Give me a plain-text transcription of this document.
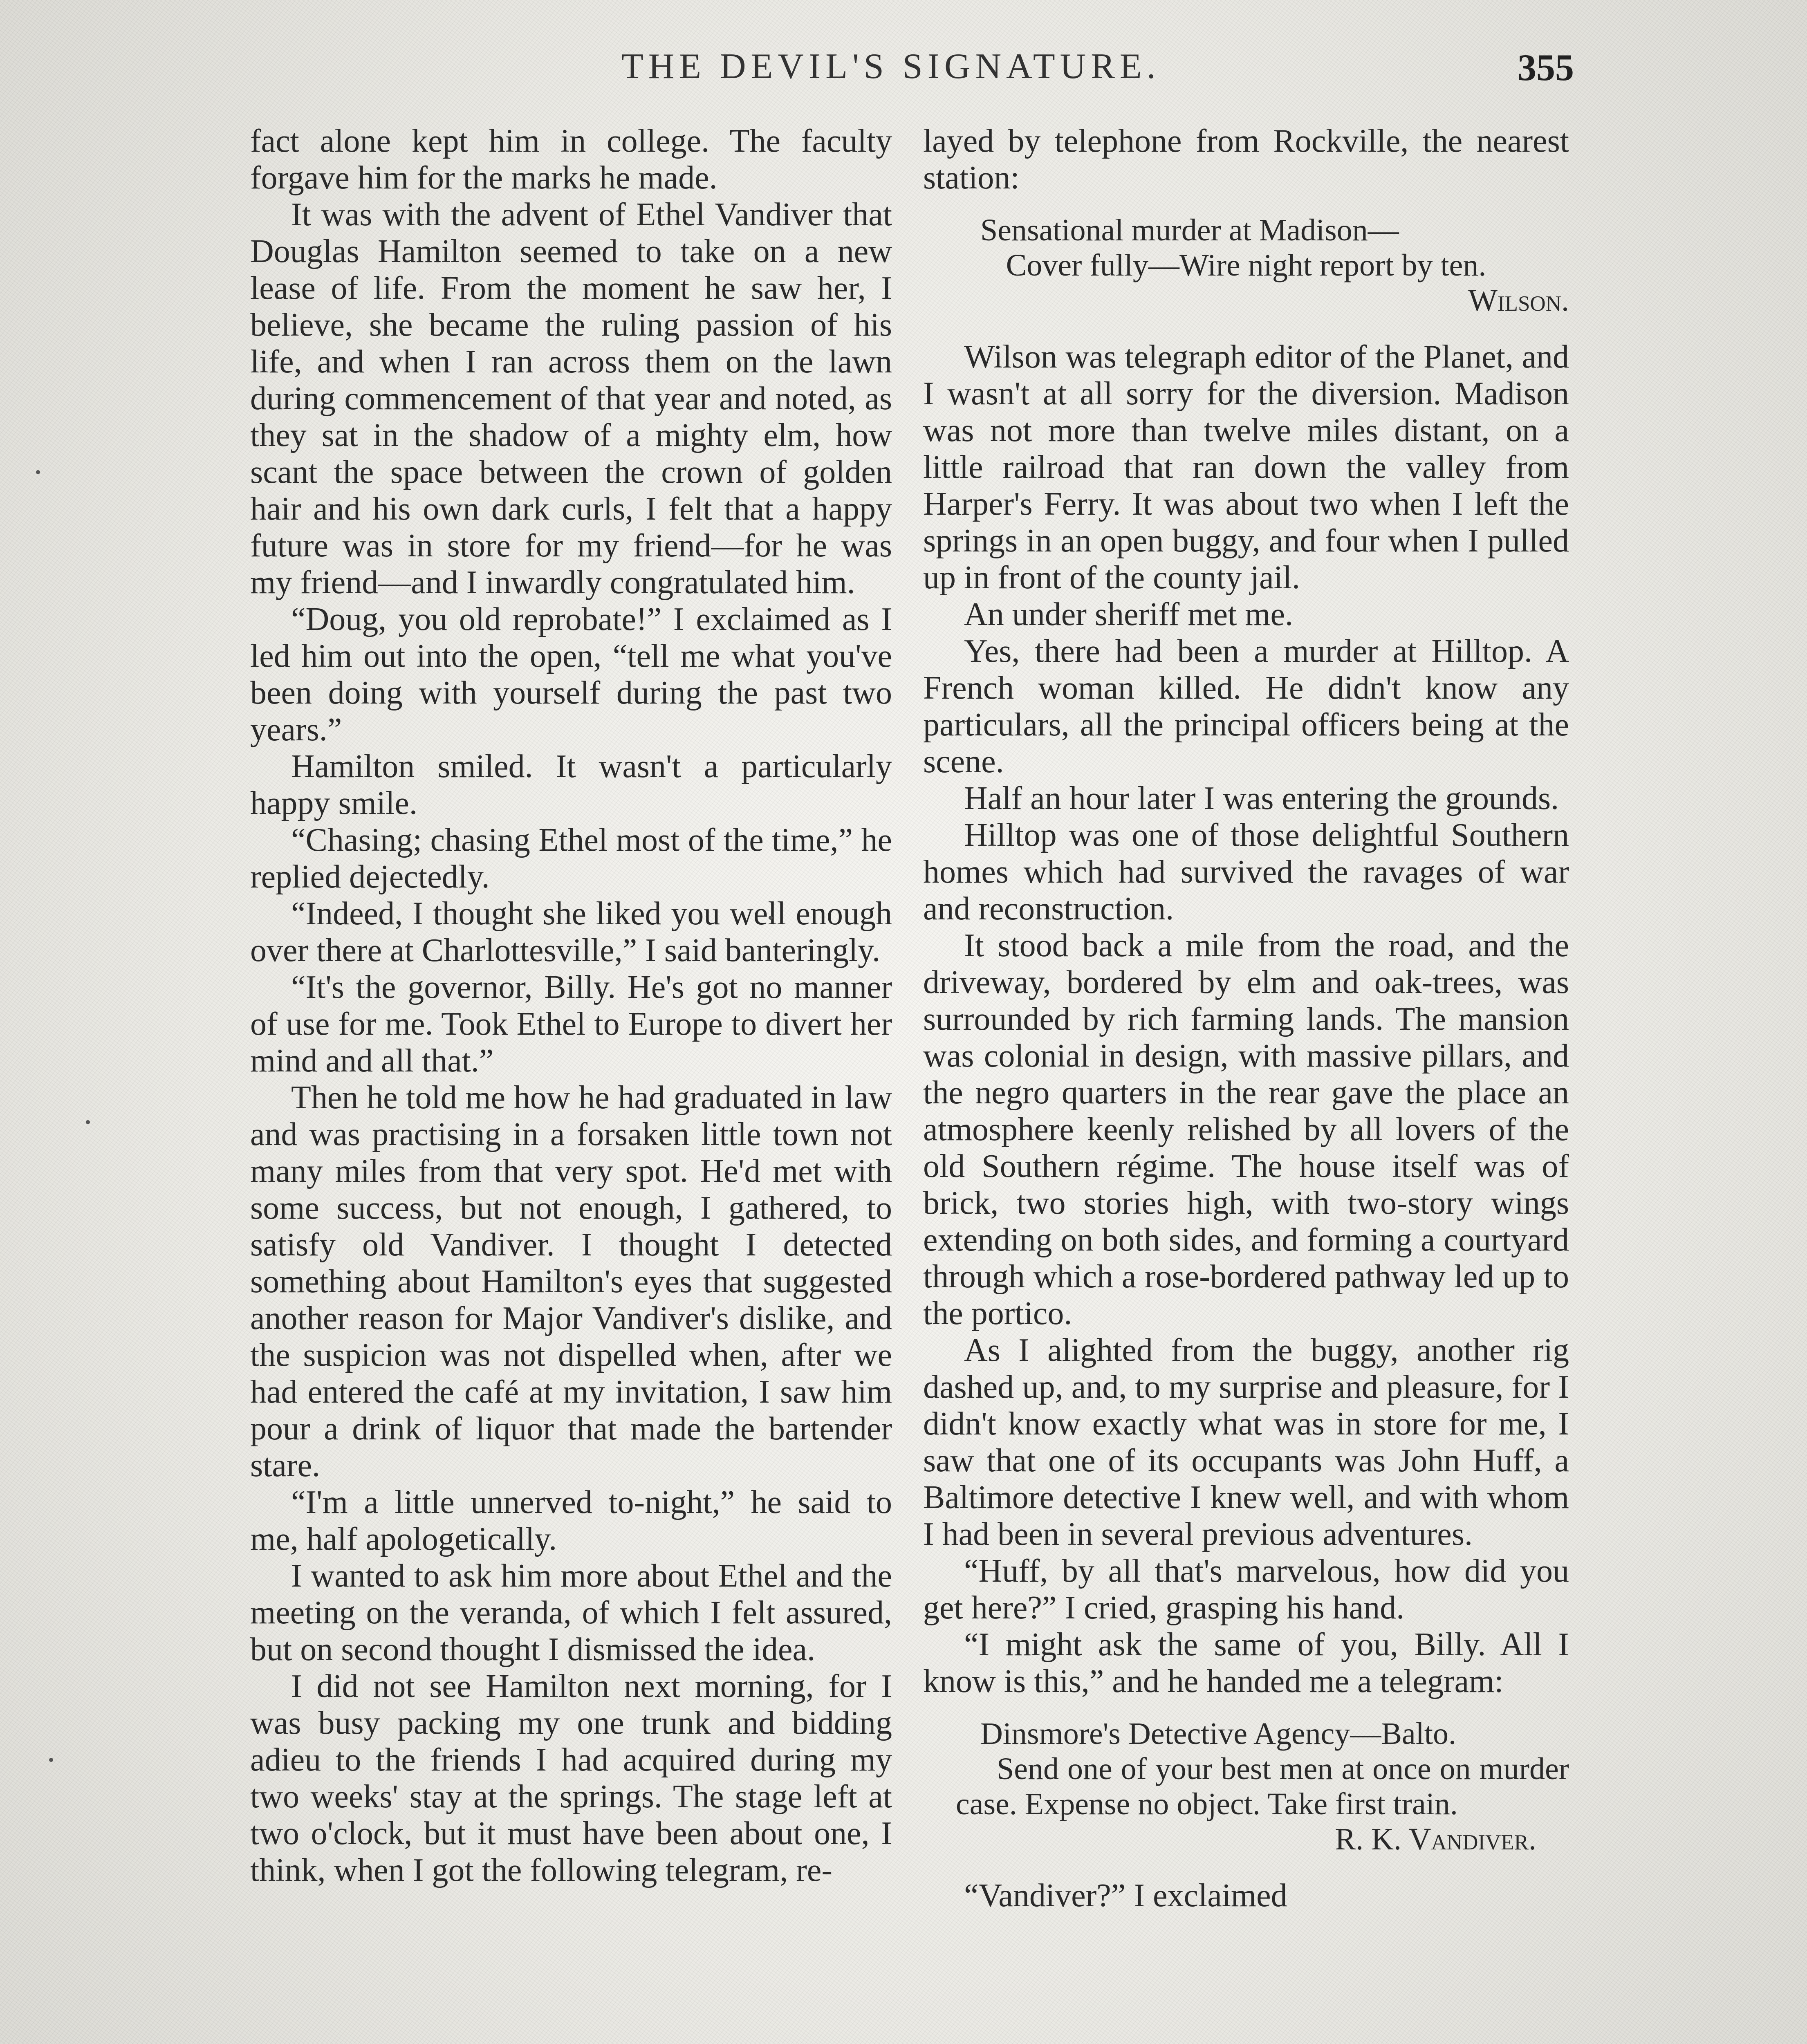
THE DEVIL'S SIGNATURE.	355

fact alone kept him in college. The faculty forgave him for the marks he made.

It was with the advent of Ethel Vandiver that Douglas Hamilton seemed to take on a new lease of life. From the moment he saw her, I believe, she became the ruling passion of his life, and when I ran across them on the lawn during commencement of that year and noted, as they sat in the shadow of a mighty elm, how scant the space between the crown of golden hair and his own dark curls, I felt that a happy future was in store for my friend—for he was my friend—and I inwardly congratulated him.

“Doug, you old reprobate!” I exclaimed as I led him out into the open, “tell me what you've been doing with yourself during the past two years.”

Hamilton smiled. It wasn't a particularly happy smile.

“Chasing; chasing Ethel most of the time,” he replied dejectedly.

“Indeed, I thought she liked you well enough over there at Charlottesville,” I said banteringly.

“It's the governor, Billy. He's got no manner of use for me. Took Ethel to Europe to divert her mind and all that.”

Then he told me how he had graduated in law and was practising in a forsaken little town not many miles from that very spot. He'd met with some success, but not enough, I gathered, to satisfy old Vandiver. I thought I detected something about Hamilton's eyes that suggested another reason for Major Vandiver's dislike, and the suspicion was not dispelled when, after we had entered the café at my invitation, I saw him pour a drink of liquor that made the bartender stare.

“I'm a little unnerved to-night,” he said to me, half apologetically.

I wanted to ask him more about Ethel and the meeting on the veranda, of which I felt assured, but on second thought I dismissed the idea.

I did not see Hamilton next morning, for I was busy packing my one trunk and bidding adieu to the friends I had acquired during my two weeks' stay at the springs. The stage left at two o'clock, but it must have been about one, I think, when I got the following telegram, re-

layed by telephone from Rockville, the nearest station:

Sensational murder at Madison—

Cover fully—Wire night report by ten.

Wilson.

Wilson was telegraph editor of the Planet, and I wasn't at all sorry for the diversion. Madison was not more than twelve miles distant, on a little railroad that ran down the valley from Harper's Ferry. It was about two when I left the springs in an open buggy, and four when I pulled up in front of the county jail.

An under sheriff met me.

Yes, there had been a murder at Hilltop. A French woman killed. He didn't know any particulars, all the principal officers being at the scene.

Half an hour later I was entering the grounds.

Hilltop was one of those delightful Southern homes which had survived the ravages of war and reconstruction.

It stood back a mile from the road, and the driveway, bordered by elm and oak-trees, was surrounded by rich farming lands. The mansion was colonial in design, with massive pillars, and the negro quarters in the rear gave the place an atmosphere keenly relished by all lovers of the old Southern régime. The house itself was of brick, two stories high, with two-story wings extending on both sides, and forming a courtyard through which a rose-bordered pathway led up to the portico.

As I alighted from the buggy, another rig dashed up, and, to my surprise and pleasure, for I didn't know exactly what was in store for me, I saw that one of its occupants was John Huff, a Baltimore detective I knew well, and with whom I had been in several previous adventures.

“Huff, by all that's marvelous, how did you get here?” I cried, grasping his hand.

“I might ask the same of you, Billy. All I know is this,” and he handed me a telegram:

Dinsmore's Detective Agency—Balto.

Send one of your best men at once on murder case. Expense no object. Take first train.

R. K. Vandiver.

“Vandiver?” I exclaimed
